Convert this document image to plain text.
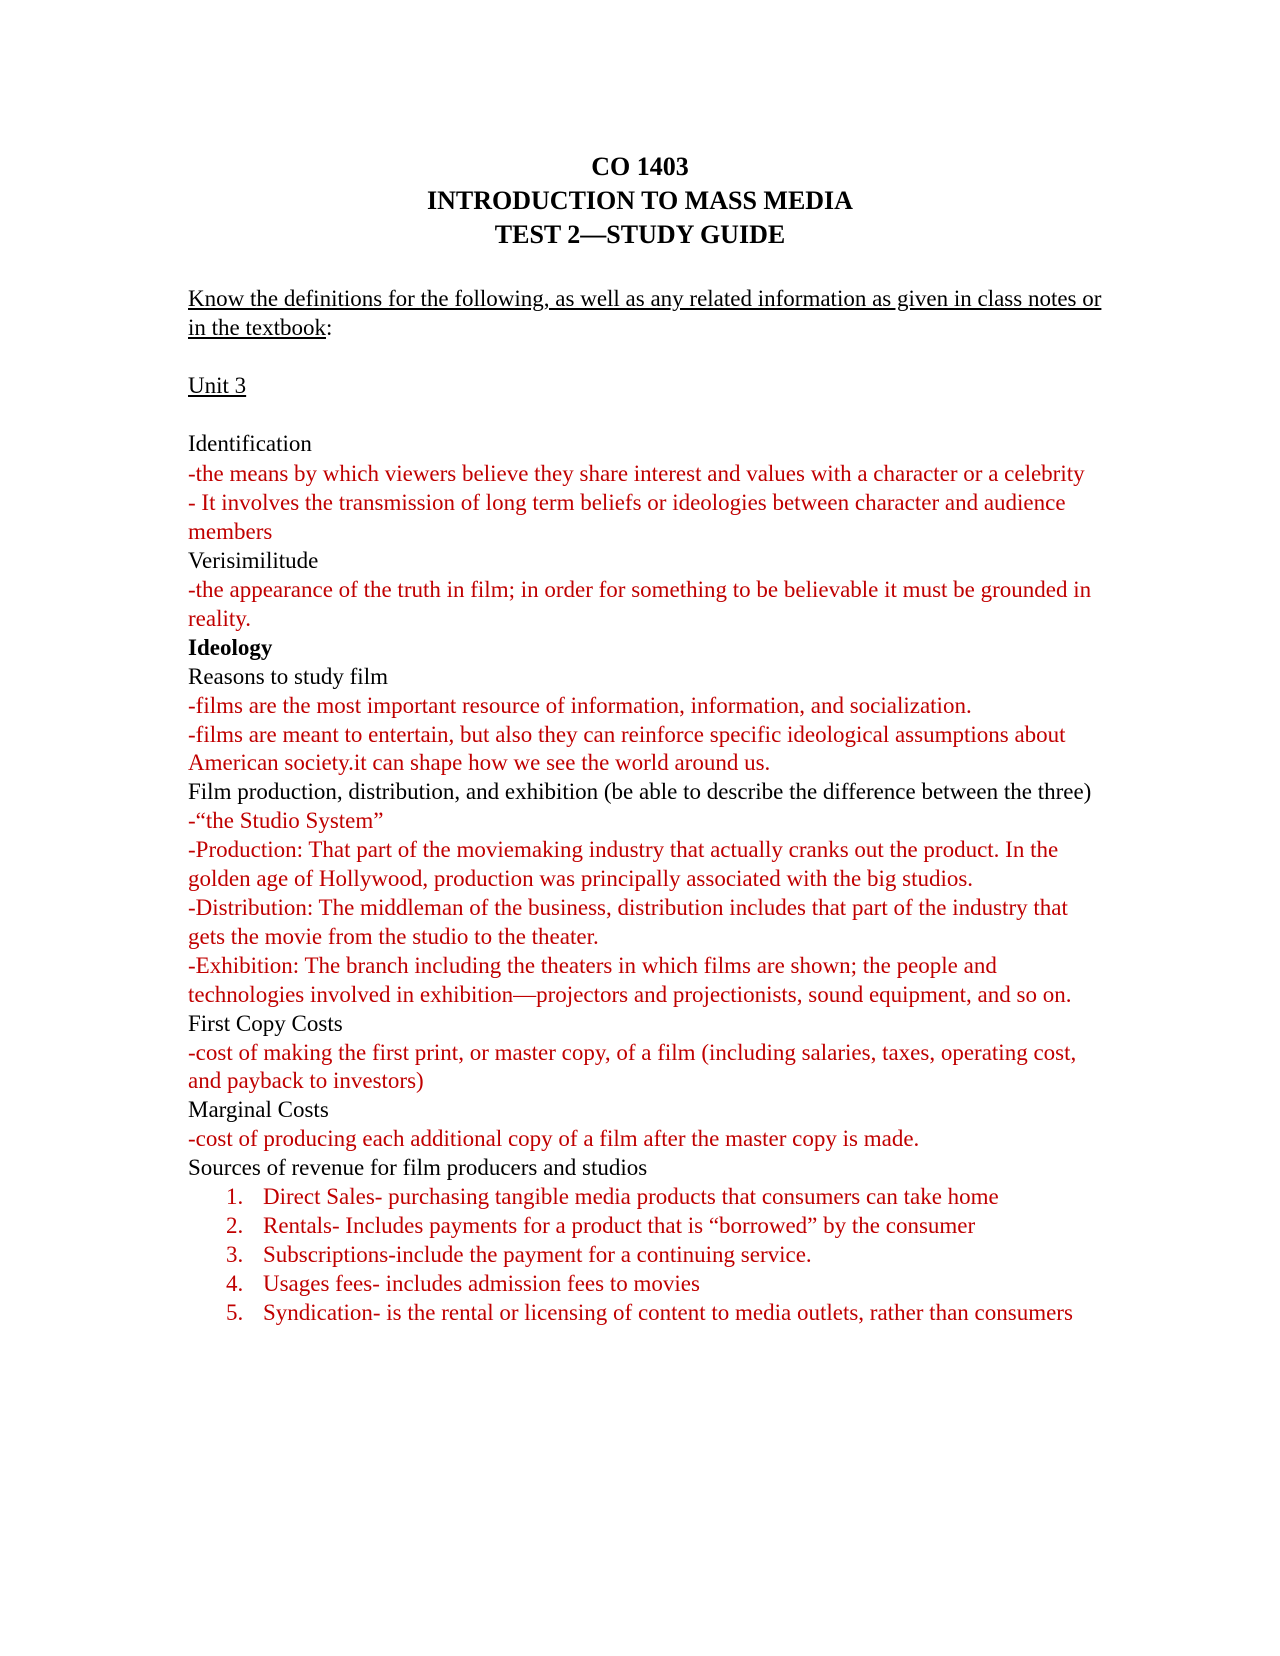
CO 1403
INTRODUCTION TO MASS MEDIA
TEST 2—STUDY GUIDE
Know the definitions for the following, as well as any related information as given in class notes or in the textbook:
Unit 3
Identification
-the means by which viewers believe they share interest and values with a character or a celebrity
- It involves the transmission of long term beliefs or ideologies between character and audience members
Verisimilitude
-the appearance of the truth in film; in order for something to be believable it must be grounded in reality.
Ideology
Reasons to study film
-films are the most important resource of information, information, and socialization.
-films are meant to entertain, but also they can reinforce specific ideological assumptions about American society.it can shape how we see the world around us.
Film production, distribution, and exhibition (be able to describe the difference between the three)
-“the Studio System”
-Production: That part of the moviemaking industry that actually cranks out the product. In the golden age of Hollywood, production was principally associated with the big studios.
-Distribution: The middleman of the business, distribution includes that part of the industry that gets the movie from the studio to the theater.
-Exhibition: The branch including the theaters in which films are shown; the people and technologies involved in exhibition—projectors and projectionists, sound equipment, and so on.
First Copy Costs
-cost of making the first print, or master copy, of a film (including salaries, taxes, operating cost, and payback to investors)
Marginal Costs
-cost of producing each additional copy of a film after the master copy is made.
Sources of revenue for film producers and studios
1. Direct Sales- purchasing tangible media products that consumers can take home
2. Rentals- Includes payments for a product that is “borrowed” by the consumer
3. Subscriptions-include the payment for a continuing service.
4. Usages fees- includes admission fees to movies
5. Syndication- is the rental or licensing of content to media outlets, rather than consumers
